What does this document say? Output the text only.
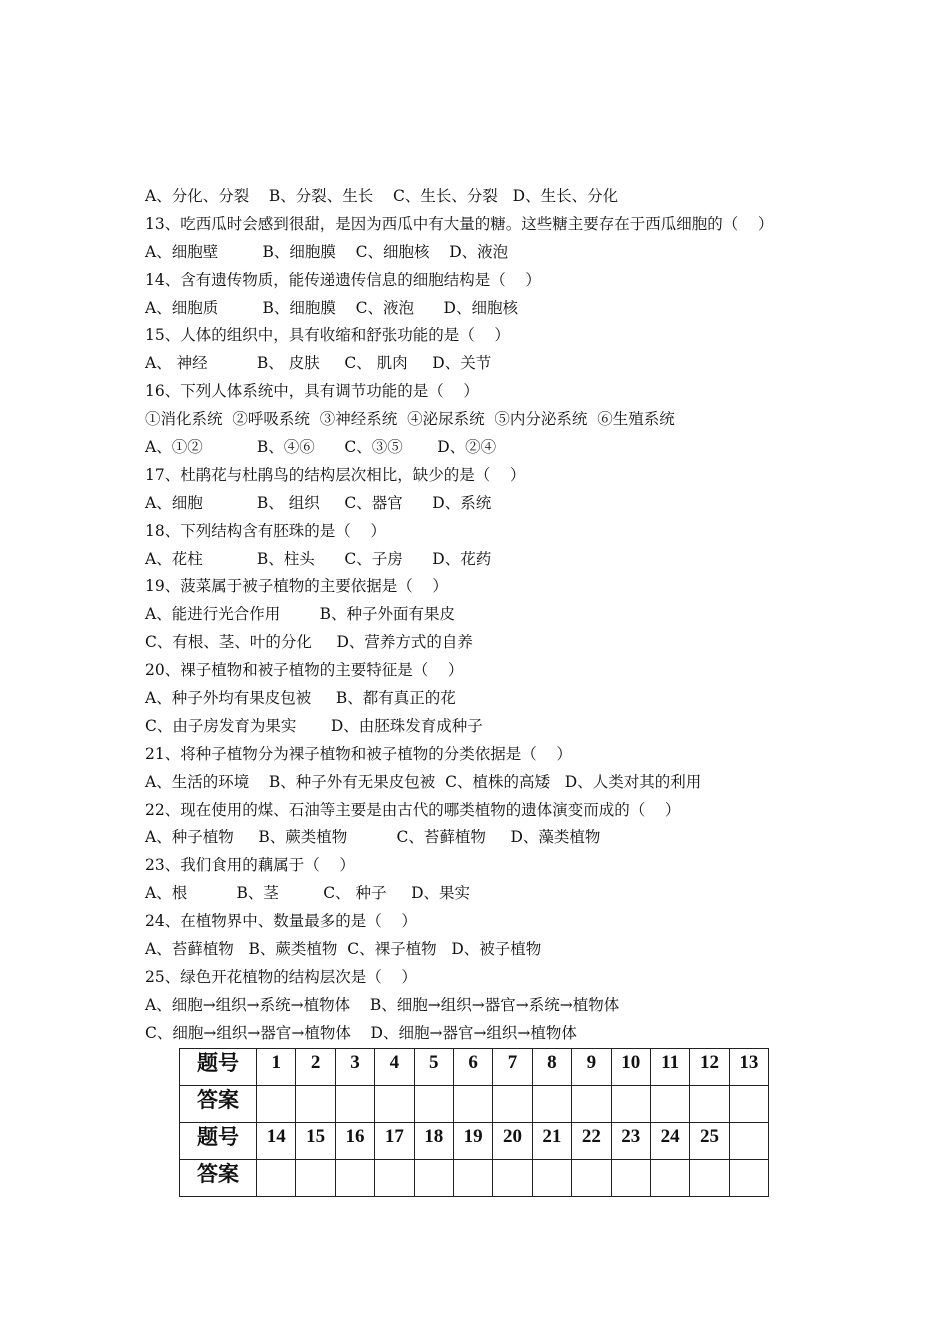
A、分化、分裂    B、分裂、生长    C、生长、分裂   D、生长、分化
13、吃西瓜时会感到很甜，是因为西瓜中有大量的糖。这些糖主要存在于西瓜细胞的（    ）
A、细胞壁         B、细胞膜    C、细胞核    D、液泡
14、含有遗传物质，能传递遗传信息的细胞结构是（    ）
A、细胞质         B、细胞膜    C、液泡      D、细胞核
15、人体的组织中，具有收缩和舒张功能的是（    ）
A、 神经          B、 皮肤     C、 肌肉     D、关节
16、下列人体系统中，具有调节功能的是（    ）
①消化系统  ②呼吸系统  ③神经系统  ④泌尿系统  ⑤内分泌系统  ⑥生殖系统
A、①②           B、④⑥      C、③⑤       D、②④
17、杜鹃花与杜鹃鸟的结构层次相比，缺少的是（    ）
A、细胞           B、 组织     C、器官      D、系统
18、下列结构含有胚珠的是（    ）
A、花柱           B、柱头      C、子房      D、花药
19、菠菜属于被子植物的主要依据是（    ）
A、能进行光合作用        B、种子外面有果皮
C、有根、茎、叶的分化     D、营养方式的自养
20、裸子植物和被子植物的主要特征是（    ）
A、种子外均有果皮包被     B、都有真正的花
C、由子房发育为果实       D、由胚珠发育成种子
21、将种子植物分为裸子植物和被子植物的分类依据是（    ）
A、生活的环境    B、种子外有无果皮包被  C、植株的高矮   D、人类对其的利用
22、现在使用的煤、石油等主要是由古代的哪类植物的遗体演变而成的（    ）
A、种子植物     B、蕨类植物          C、苔藓植物     D、藻类植物
23、我们食用的藕属于（    ）
A、根          B、茎         C、 种子     D、果实
24、在植物界中、数量最多的是（    ）
A、苔藓植物   B、蕨类植物  C、裸子植物   D、被子植物
25、绿色开花植物的结构层次是（    ）
A、细胞→组织→系统→植物体    B、细胞→组织→器官→系统→植物体
C、细胞→组织→器官→植物体    D、细胞→器官→组织→植物体
题号	1	2	3	4	5	6	7	8	9	10	11	12	13
答案													
题号	14	15	16	17	18	19	20	21	22	23	24	25	
答案													
